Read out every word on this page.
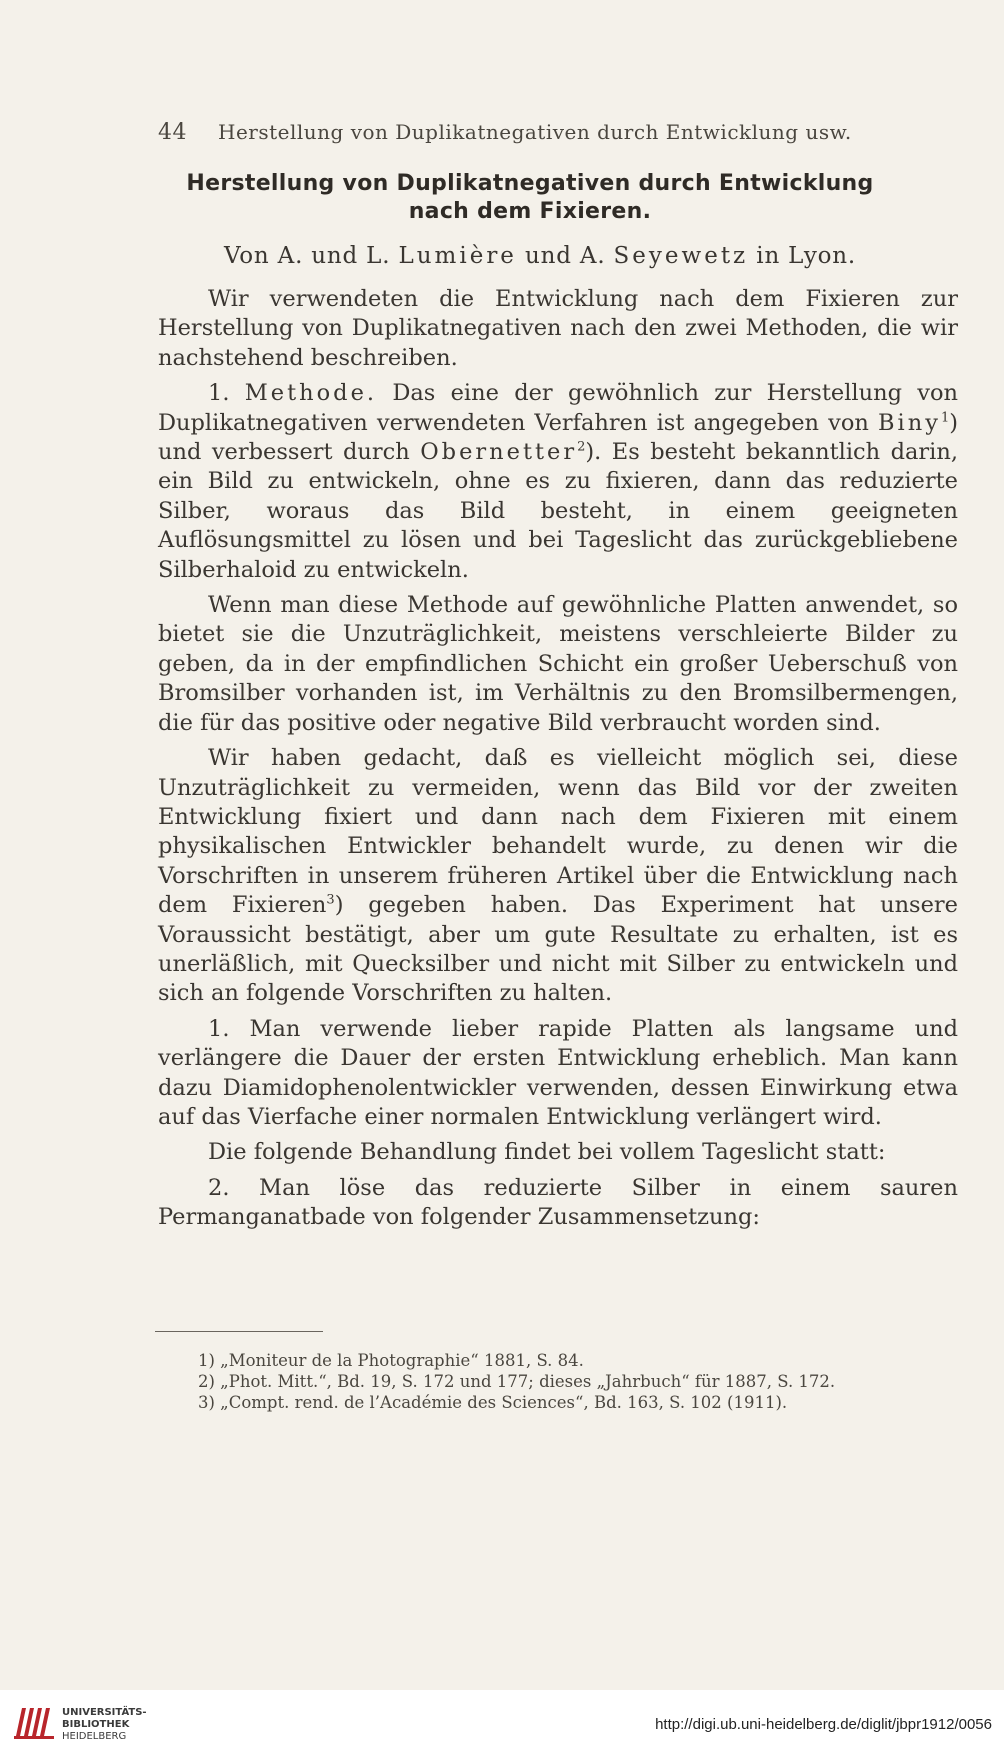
44 Herstellung von Duplikatnegativen durch Entwicklung usw.
Herstellung von Duplikatnegativen durch Entwicklung
nach dem Fixieren.
Von A. und L. Lumière und A. Seyewetz in Lyon.

Wir verwendeten die Entwicklung nach dem Fixieren zur Herstellung von Duplikatnegativen nach den zwei Methoden, die wir nachstehend beschreiben.

1. Methode. Das eine der gewöhnlich zur Herstellung von Duplikatnegativen verwendeten Verfahren ist angegeben von Biny$^1$) und verbessert durch Obernetter$^2$). Es besteht bekanntlich darin, ein Bild zu entwickeln, ohne es zu fixieren, dann das reduzierte Silber, woraus das Bild besteht, in einem geeigneten Auflösungsmittel zu lösen und bei Tageslicht das zurückgebliebene Silberhaloid zu entwickeln.

Wenn man diese Methode auf gewöhnliche Platten anwendet, so bietet sie die Unzuträglichkeit, meistens verschleierte Bilder zu geben, da in der empfindlichen Schicht ein großer Ueberschuß von Bromsilber vorhanden ist, im Verhältnis zu den Bromsilbermengen, die für das positive oder negative Bild verbraucht worden sind.

Wir haben gedacht, daß es vielleicht möglich sei, diese Unzuträglichkeit zu vermeiden, wenn das Bild vor der zweiten Entwicklung fixiert und dann nach dem Fixieren mit einem physikalischen Entwickler behandelt wurde, zu denen wir die Vorschriften in unserem früheren Artikel über die Entwicklung nach dem Fixieren$^3$) gegeben haben. Das Experiment hat unsere Voraussicht bestätigt, aber um gute Resultate zu erhalten, ist es unerläßlich, mit Quecksilber und nicht mit Silber zu entwickeln und sich an folgende Vorschriften zu halten.

1. Man verwende lieber rapide Platten als langsame und verlängere die Dauer der ersten Entwicklung erheblich. Man kann dazu Diamidophenolentwickler verwenden, dessen Einwirkung etwa auf das Vierfache einer normalen Entwicklung verlängert wird.

Die folgende Behandlung findet bei vollem Tageslicht statt:

2. Man löse das reduzierte Silber in einem sauren Permanganatbade von folgender Zusammensetzung:

1) „Moniteur de la Photographie“ 1881, S. 84.

2) „Phot. Mitt.“, Bd. 19, S. 172 und 177; dieses „Jahrbuch“ für 1887, S. 172.

3) „Compt. rend. de l’Académie des Sciences“, Bd. 163, S. 102 (1911).

UNIVERSITÄTS-
BIBLIOTHEK
HEIDELBERG
http://digi.ub.uni-heidelberg.de/diglit/jbpr1912/0056
